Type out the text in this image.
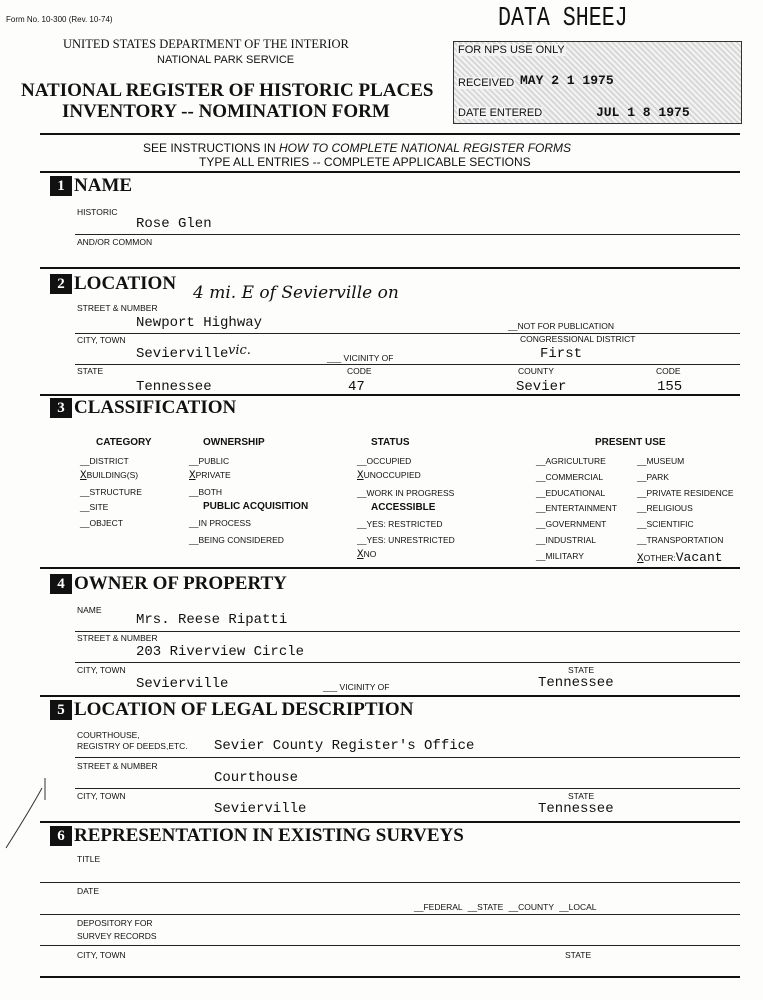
Form No. 10-300 (Rev. 10-74)
UNITED STATES DEPARTMENT OF THE INTERIOR
NATIONAL PARK SERVICE
NATIONAL REGISTER OF HISTORIC PLACES
INVENTORY -- NOMINATION FORM
DATA SHEEJ
FOR NPS USE ONLY
RECEIVED MAY 2 1 1975
DATE ENTERED	JUL 1 8 1975
SEE INSTRUCTIONS IN HOW TO COMPLETE NATIONAL REGISTER FORMS
TYPE ALL ENTRIES -- COMPLETE APPLICABLE SECTIONS
1 NAME
HISTORIC
Rose Glen
AND/OR COMMON
2 LOCATION 4 mi. E of Sevierville on
STREET & NUMBER
Newport Highway	__NOT FOR PUBLICATION
CITY, TOWN	CONGRESSIONAL DISTRICT
Sevierville vic.	___ VICINITY OF	First
STATE	CODE	COUNTY	CODE
Tennessee	47	Sevier	155
3 CLASSIFICATION
CATEGORY
__DISTRICT
XBUILDING(S)
__STRUCTURE
__SITE
__OBJECT
OWNERSHIP
__PUBLIC
XPRIVATE
__BOTH
PUBLIC ACQUISITION
__IN PROCESS
__BEING CONSIDERED
STATUS
__OCCUPIED
XUNOCCUPIED
__WORK IN PROGRESS
ACCESSIBLE
__YES: RESTRICTED
__YES: UNRESTRICTED
XNO
PRESENT USE
__AGRICULTURE
__COMMERCIAL
__EDUCATIONAL
__ENTERTAINMENT
__GOVERNMENT
__INDUSTRIAL
__MILITARY
__MUSEUM
__PARK
__PRIVATE RESIDENCE
__RELIGIOUS
__SCIENTIFIC
__TRANSPORTATION
XOTHER:Vacant
4 OWNER OF PROPERTY
NAME
Mrs. Reese Ripatti
STREET & NUMBER
203 Riverview Circle
CITY, TOWN	STATE
Sevierville	___ VICINITY OF	Tennessee
5 LOCATION OF LEGAL DESCRIPTION
COURTHOUSE,
REGISTRY OF DEEDS,ETC. Sevier County Register's Office
STREET & NUMBER
Courthouse
CITY, TOWN	STATE
Sevierville	Tennessee
6 REPRESENTATION IN EXISTING SURVEYS
TITLE
DATE
__FEDERAL __STATE __COUNTY __LOCAL
DEPOSITORY FOR
SURVEY RECORDS
CITY, TOWN	STATE
